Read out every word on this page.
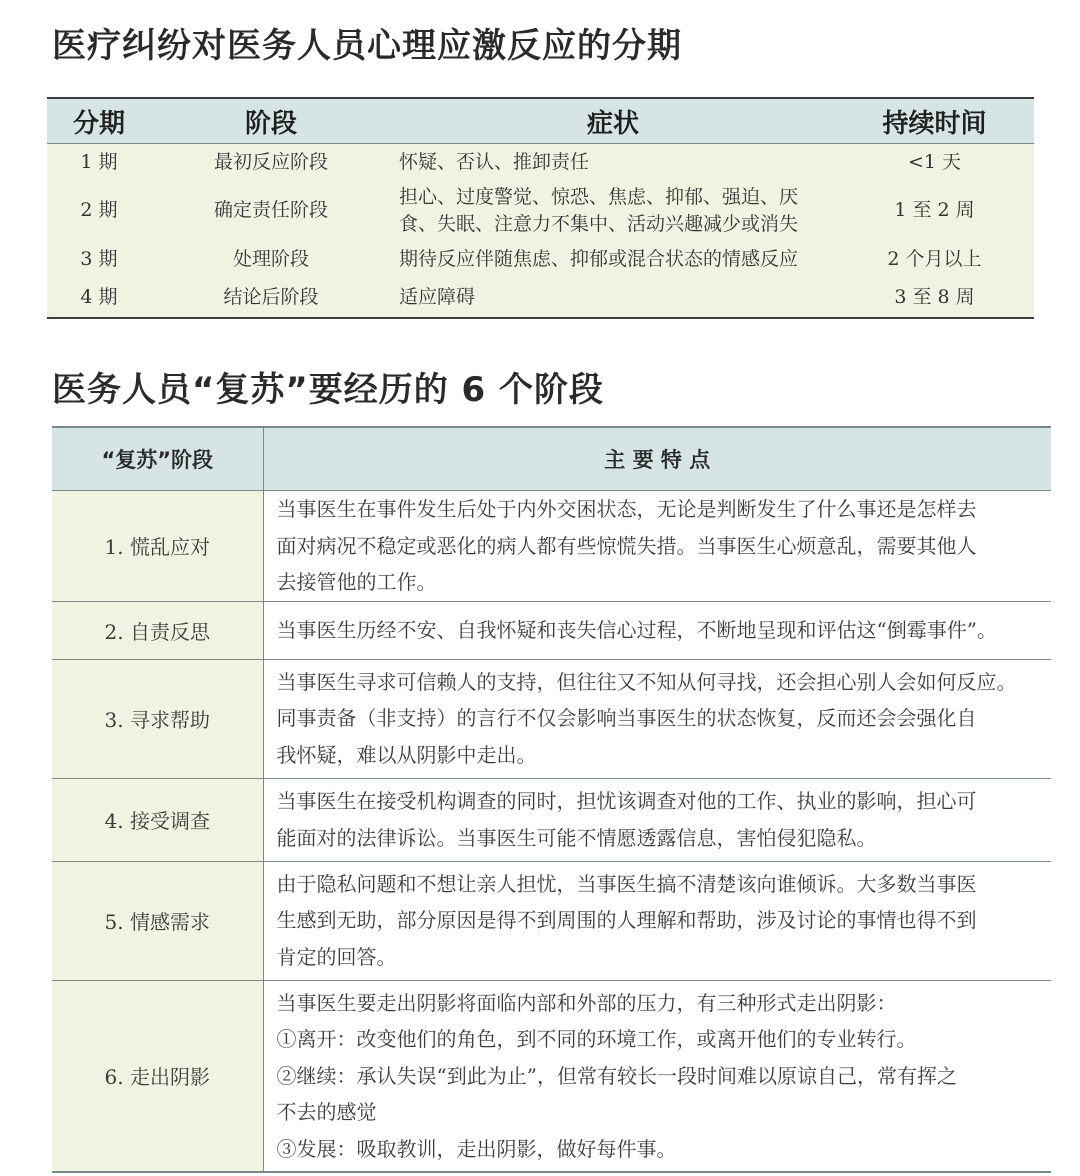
医疗纠纷对医务人员心理应激反应的分期
分期	阶段	症状	持续时间
1 期	最初反应阶段	怀疑、否认、推卸责任	<1 天
2 期	确定责任阶段	担心、过度警觉、惊恐、焦虑、抑郁、强迫、厌
食、失眠、注意力不集中、活动兴趣减少或消失	1 至 2 周
3 期	处理阶段	期待反应伴随焦虑、抑郁或混合状态的情感反应	2 个月以上
4 期	结论后阶段	适应障碍	3 至 8 周
医务人员“复苏”要经历的 6 个阶段
“复苏”阶段	主 要 特 点
1. 慌乱应对	当事医生在事件发生后处于内外交困状态，无论是判断发生了什么事还是怎样去
面对病况不稳定或恶化的病人都有些惊慌失措。当事医生心烦意乱，需要其他人
去接管他的工作。

2. 自责反思	当事医生历经不安、自我怀疑和丧失信心过程，不断地呈现和评估这“倒霉事件”。

3. 寻求帮助	当事医生寻求可信赖人的支持，但往往又不知从何寻找，还会担心别人会如何反应。
同事责备（非支持）的言行不仅会影响当事医生的状态恢复，反而还会会强化自
我怀疑，难以从阴影中走出。

4. 接受调查	当事医生在接受机构调查的同时，担忧该调查对他的工作、执业的影响，担心可
能面对的法律诉讼。当事医生可能不情愿透露信息，害怕侵犯隐私。

5. 情感需求	由于隐私问题和不想让亲人担忧，当事医生搞不清楚该向谁倾诉。大多数当事医
生感到无助，部分原因是得不到周围的人理解和帮助，涉及讨论的事情也得不到
肯定的回答。

6. 走出阴影	当事医生要走出阴影将面临内部和外部的压力，有三种形式走出阴影：
①离开：改变他们的角色，到不同的环境工作，或离开他们的专业转行。
②继续：承认失误“到此为止”，但常有较长一段时间难以原谅自己，常有挥之
不去的感觉
③发展：吸取教训，走出阴影，做好每件事。
